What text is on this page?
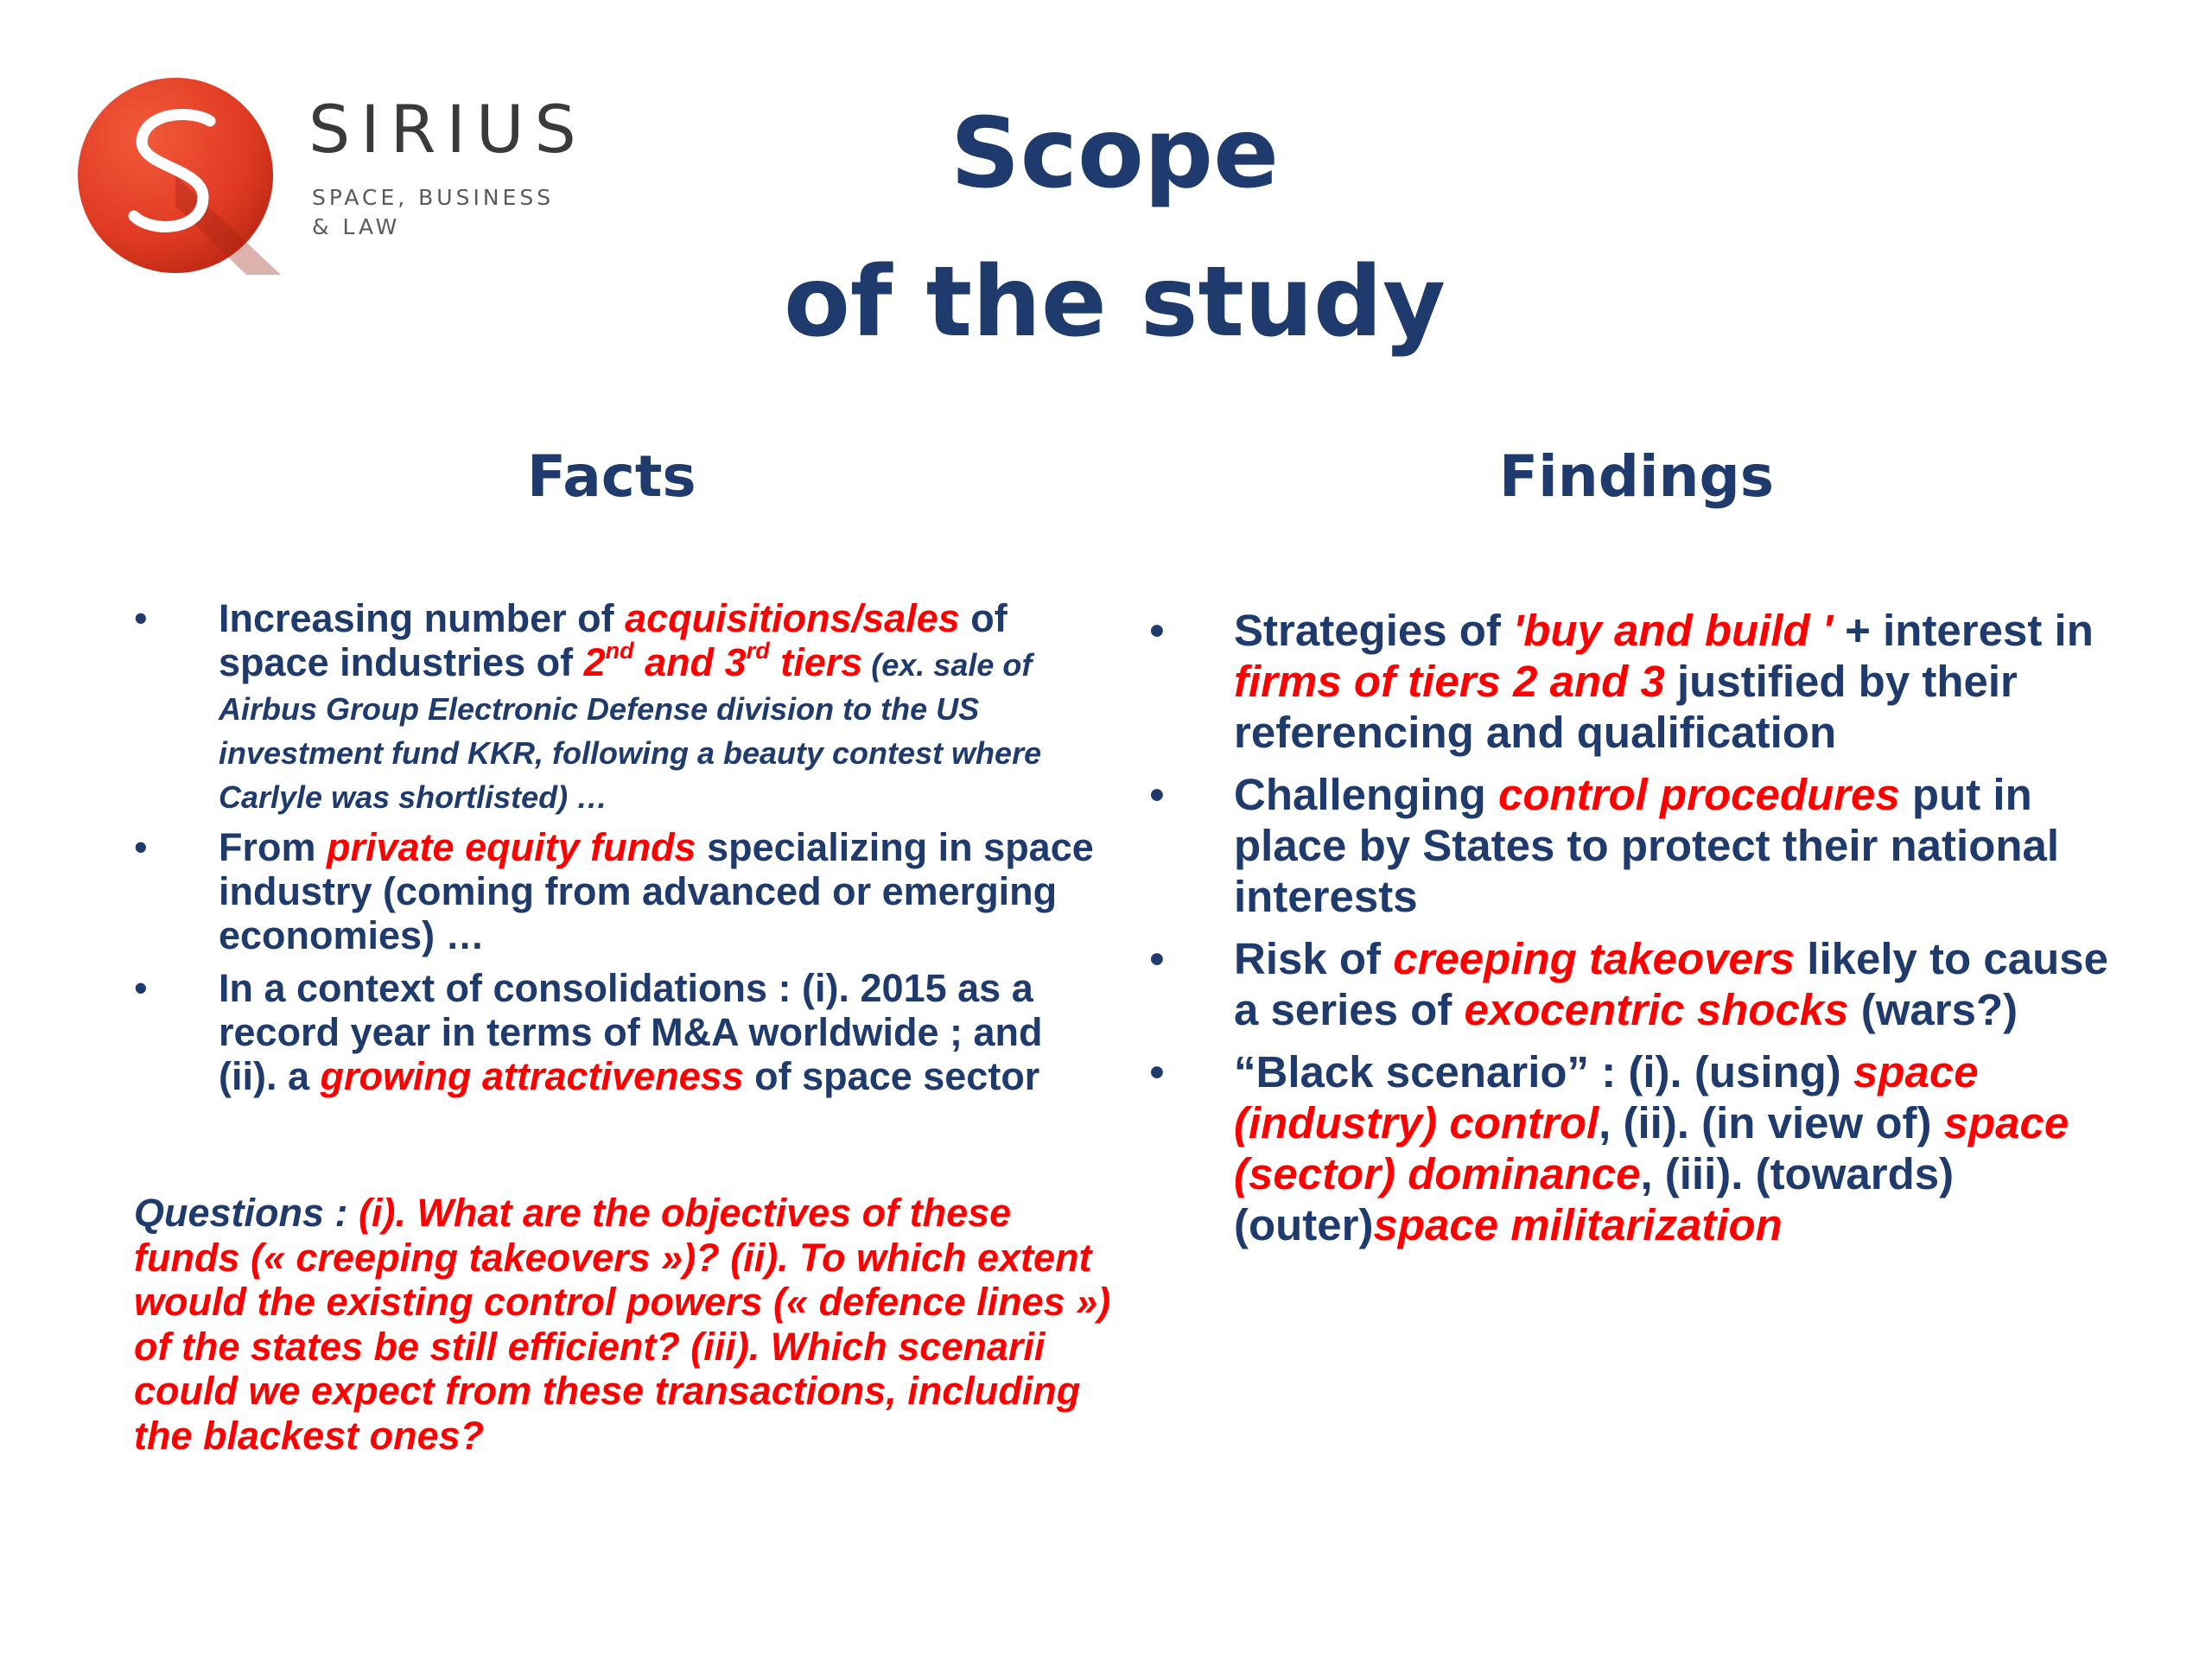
SIRIUS
SPACE, BUSINESS
& LAW
Scope
of the study
Facts	Findings
• Increasing number of acquisitions/sales of space industries of 2nd and 3rd tiers (ex. sale of Airbus Group Electronic Defense division to the US investment fund KKR, following a beauty contest where Carlyle was shortlisted) …
• From private equity funds specializing in space industry (coming from advanced or emerging economies) …
• In a context of consolidations : (i). 2015 as a record year in terms of M&A worldwide ; and (ii). a growing attractiveness of space sector
Questions : (i). What are the objectives of these funds (« creeping takeovers »)? (ii). To which extent would the existing control powers (« defence lines ») of the states be still efficient? (iii). Which scenarii could we expect from these transactions, including the blackest ones?
• Strategies of 'buy and build ' + interest in firms of tiers 2 and 3 justified by their referencing and qualification
• Challenging control procedures put in place by States to protect their national interests
• Risk of creeping takeovers likely to cause a series of exocentric shocks (wars?)
• “Black scenario” : (i). (using) space (industry) control, (ii). (in view of) space (sector) dominance, (iii). (towards) (outer)space militarization
